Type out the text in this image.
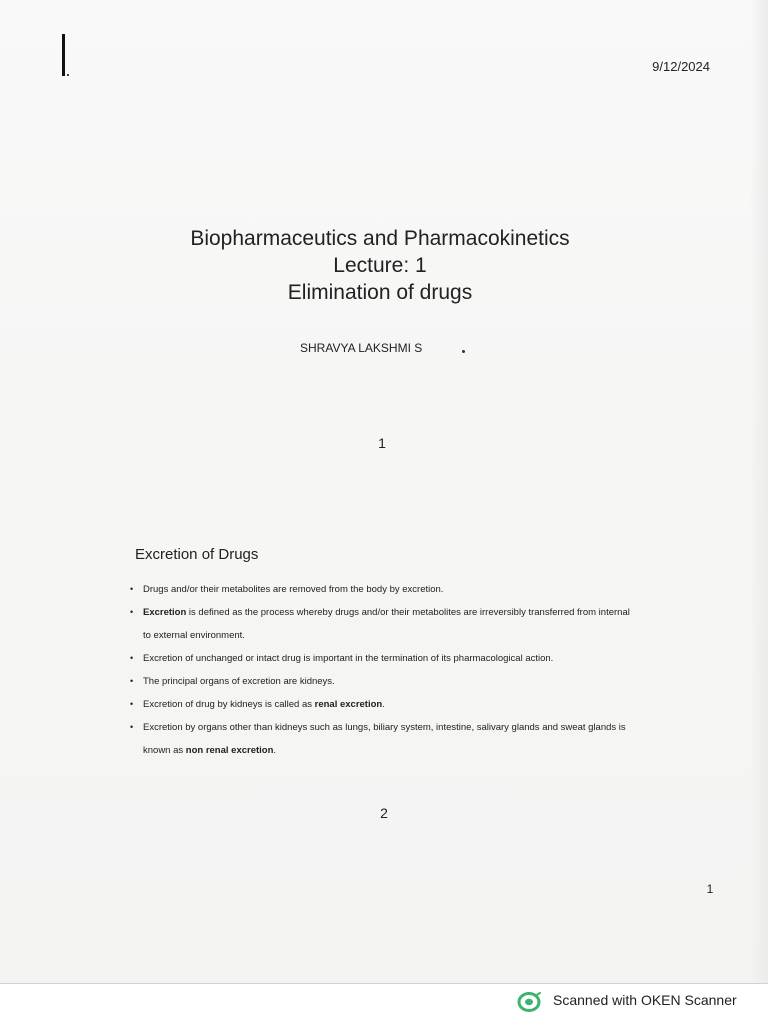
9/12/2024
Biopharmaceutics and Pharmacokinetics
Lecture: 1
Elimination of drugs
SHRAVYA LAKSHMI S
1
Excretion of Drugs
• Drugs and/or their metabolites are removed from the body by excretion.
• Excretion is defined as the process whereby drugs and/or their metabolites are irreversibly transferred from internal to external environment.
• Excretion of unchanged or intact drug is important in the termination of its pharmacological action.
• The principal organs of excretion are kidneys.
• Excretion of drug by kidneys is called as renal excretion.
• Excretion by organs other than kidneys such as lungs, biliary system, intestine, salivary glands and sweat glands is known as non renal excretion.
2
1
Scanned with OKEN Scanner
